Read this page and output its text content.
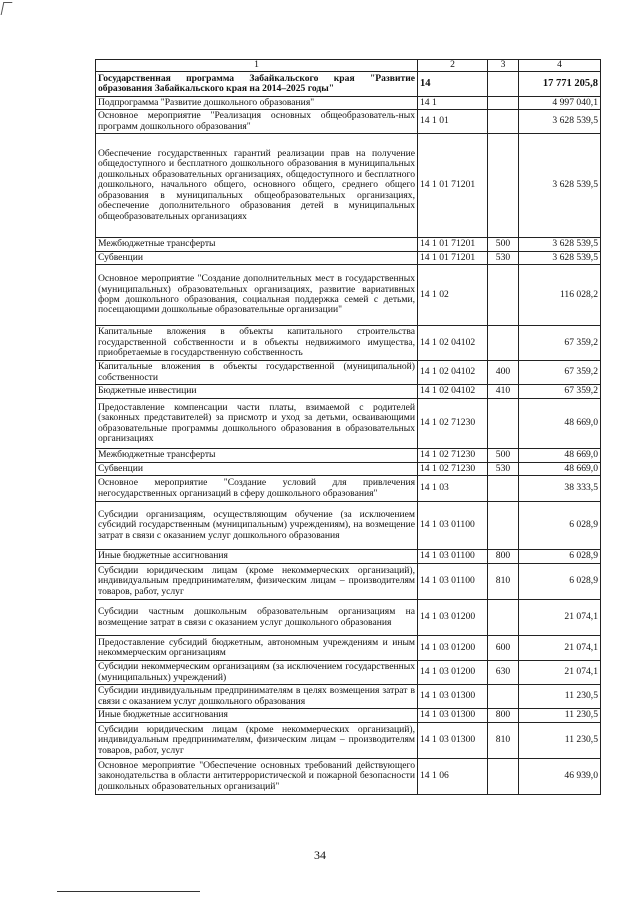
1	2	3	4
Государственная программа Забайкальского края "Развитие образования Забайкальского края на 2014–2025 годы"	14		17 771 205,8
Подпрограмма "Развитие дошкольного образования"	14 1		4 997 040,1
Основное мероприятие "Реализация основных общеобразователь-ных программ дошкольного образования"	14 1 01		3 628 539,5
Обеспечение государственных гарантий реализации прав на получение общедоступного и бесплатного дошкольного образования в муниципальных дошкольных образовательных организациях, общедоступного и бесплатного дошкольного, начального общего, основного общего, среднего общего образования в муниципальных общеобразовательных организациях, обеспечение дополнительного образования детей в муниципальных общеобразовательных организациях	14 1 01 71201		3 628 539,5
Межбюджетные трансферты	14 1 01 71201	500	3 628 539,5
Субвенции	14 1 01 71201	530	3 628 539,5
Основное мероприятие "Создание дополнительных мест в государственных (муниципальных) образовательных организациях, развитие вариативных форм дошкольного образования, социальная поддержка семей с детьми, посещающими дошкольные образовательные организации"	14 1 02		116 028,2
Капитальные вложения в объекты капитального строительства государственной собственности и в объекты недвижимого имущества, приобретаемые в государственную собственность	14 1 02 04102		67 359,2
Капитальные вложения в объекты государственной (муниципальной) собственности	14 1 02 04102	400	67 359,2
Бюджетные инвестиции	14 1 02 04102	410	67 359,2
Предоставление компенсации части платы, взимаемой с родителей (законных представителей) за присмотр и уход за детьми, осваивающими образовательные программы дошкольного образования в образовательных организациях	14 1 02 71230		48 669,0
Межбюджетные трансферты	14 1 02 71230	500	48 669,0
Субвенции	14 1 02 71230	530	48 669,0
Основное мероприятие "Создание условий для привлечения негосударственных организаций в сферу дошкольного образования"	14 1 03		38 333,5
Субсидии организациям, осуществляющим обучение (за исключением субсидий государственным (муниципальным) учреждениям), на возмещение затрат в связи с оказанием услуг дошкольного образования	14 1 03 01100		6 028,9
Иные бюджетные ассигнования	14 1 03 01100	800	6 028,9
Субсидии юридическим лицам (кроме некоммерческих организаций), индивидуальным предпринимателям, физическим лицам – производителям товаров, работ, услуг	14 1 03 01100	810	6 028,9
Субсидии частным дошкольным образовательным организациям на возмещение затрат в связи с оказанием услуг дошкольного образования	14 1 03 01200		21 074,1
Предоставление субсидий бюджетным, автономным учреждениям и иным некоммерческим организациям	14 1 03 01200	600	21 074,1
Субсидии некоммерческим организациям (за исключением государственных (муниципальных) учреждений)	14 1 03 01200	630	21 074,1
Субсидии индивидуальным предпринимателям в целях возмещения затрат в связи с оказанием услуг дошкольного образования	14 1 03 01300		11 230,5
Иные бюджетные ассигнования	14 1 03 01300	800	11 230,5
Субсидии юридическим лицам (кроме некоммерческих организаций), индивидуальным предпринимателям, физическим лицам – производителям товаров, работ, услуг	14 1 03 01300	810	11 230,5
Основное мероприятие "Обеспечение основных требований действующего законодательства в области антитеррористической и пожарной безопасности дошкольных образовательных организаций"	14 1 06		46 939,0
34
